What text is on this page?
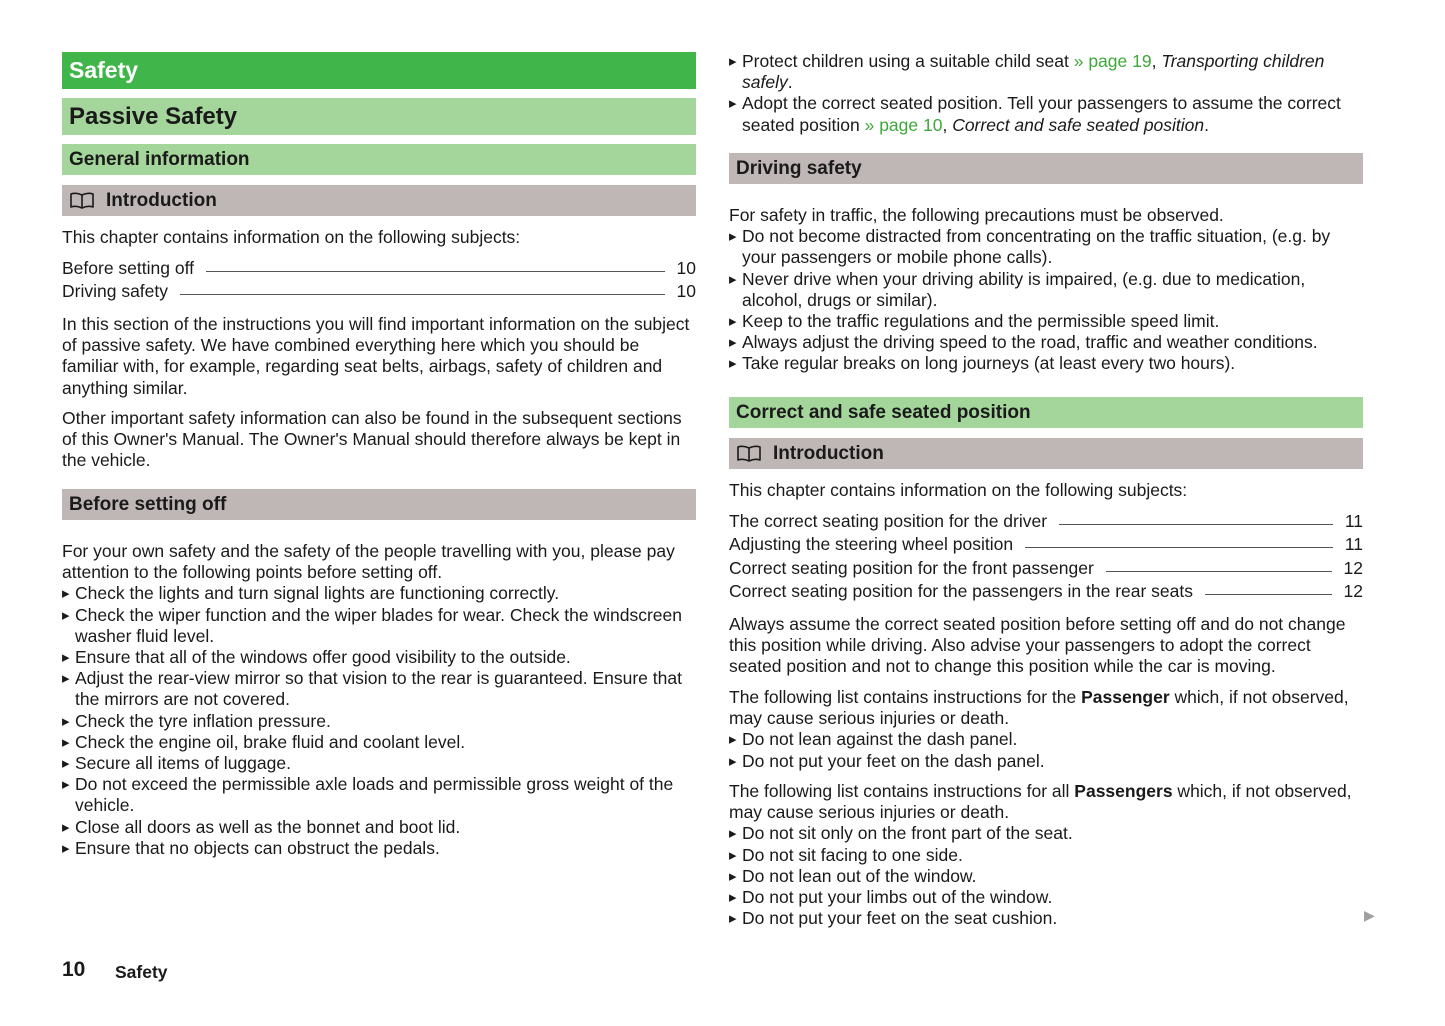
Safety
Passive Safety
General information
Introduction
This chapter contains information on the following subjects:
Before setting off	10
Driving safety	10
In this section of the instructions you will find important information on the subject of passive safety. We have combined everything here which you should be familiar with, for example, regarding seat belts, airbags, safety of children and anything similar.
Other important safety information can also be found in the subsequent sections of this Owner's Manual. The Owner's Manual should therefore always be kept in the vehicle.
Before setting off

For your own safety and the safety of the people travelling with you, please pay attention to the following points before setting off.

▸ Check the lights and turn signal lights are functioning correctly.
▸ Check the wiper function and the wiper blades for wear. Check the windscreen washer fluid level.
▸ Ensure that all of the windows offer good visibility to the outside.
▸ Adjust the rear-view mirror so that vision to the rear is guaranteed. Ensure that the mirrors are not covered.
▸ Check the tyre inflation pressure.
▸ Check the engine oil, brake fluid and coolant level.
▸ Secure all items of luggage.
▸ Do not exceed the permissible axle loads and permissible gross weight of the vehicle.
▸ Close all doors as well as the bonnet and boot lid.
▸ Ensure that no objects can obstruct the pedals.
▸ Protect children using a suitable child seat » page 19, Transporting children safely.
▸ Adopt the correct seated position. Tell your passengers to assume the correct seated position » page 10, Correct and safe seated position.
Driving safety

For safety in traffic, the following precautions must be observed.

▸ Do not become distracted from concentrating on the traffic situation, (e.g. by your passengers or mobile phone calls).
▸ Never drive when your driving ability is impaired, (e.g. due to medication, alcohol, drugs or similar).
▸ Keep to the traffic regulations and the permissible speed limit.
▸ Always adjust the driving speed to the road, traffic and weather conditions.
▸ Take regular breaks on long journeys (at least every two hours).
Correct and safe seated position
Introduction
This chapter contains information on the following subjects:
The correct seating position for the driver	11
Adjusting the steering wheel position	11
Correct seating position for the front passenger	12
Correct seating position for the passengers in the rear seats	12
Always assume the correct seated position before setting off and do not change this position while driving. Also advise your passengers to adopt the correct seated position and not to change this position while the car is moving.

The following list contains instructions for the Passenger which, if not observed, may cause serious injuries or death.

▸ Do not lean against the dash panel.
▸ Do not put your feet on the dash panel.

The following list contains instructions for all Passengers which, if not observed, may cause serious injuries or death.

▸ Do not sit only on the front part of the seat.
▸ Do not sit facing to one side.
▸ Do not lean out of the window.
▸ Do not put your limbs out of the window.
▸ Do not put your feet on the seat cushion.	▶
10 Safety
